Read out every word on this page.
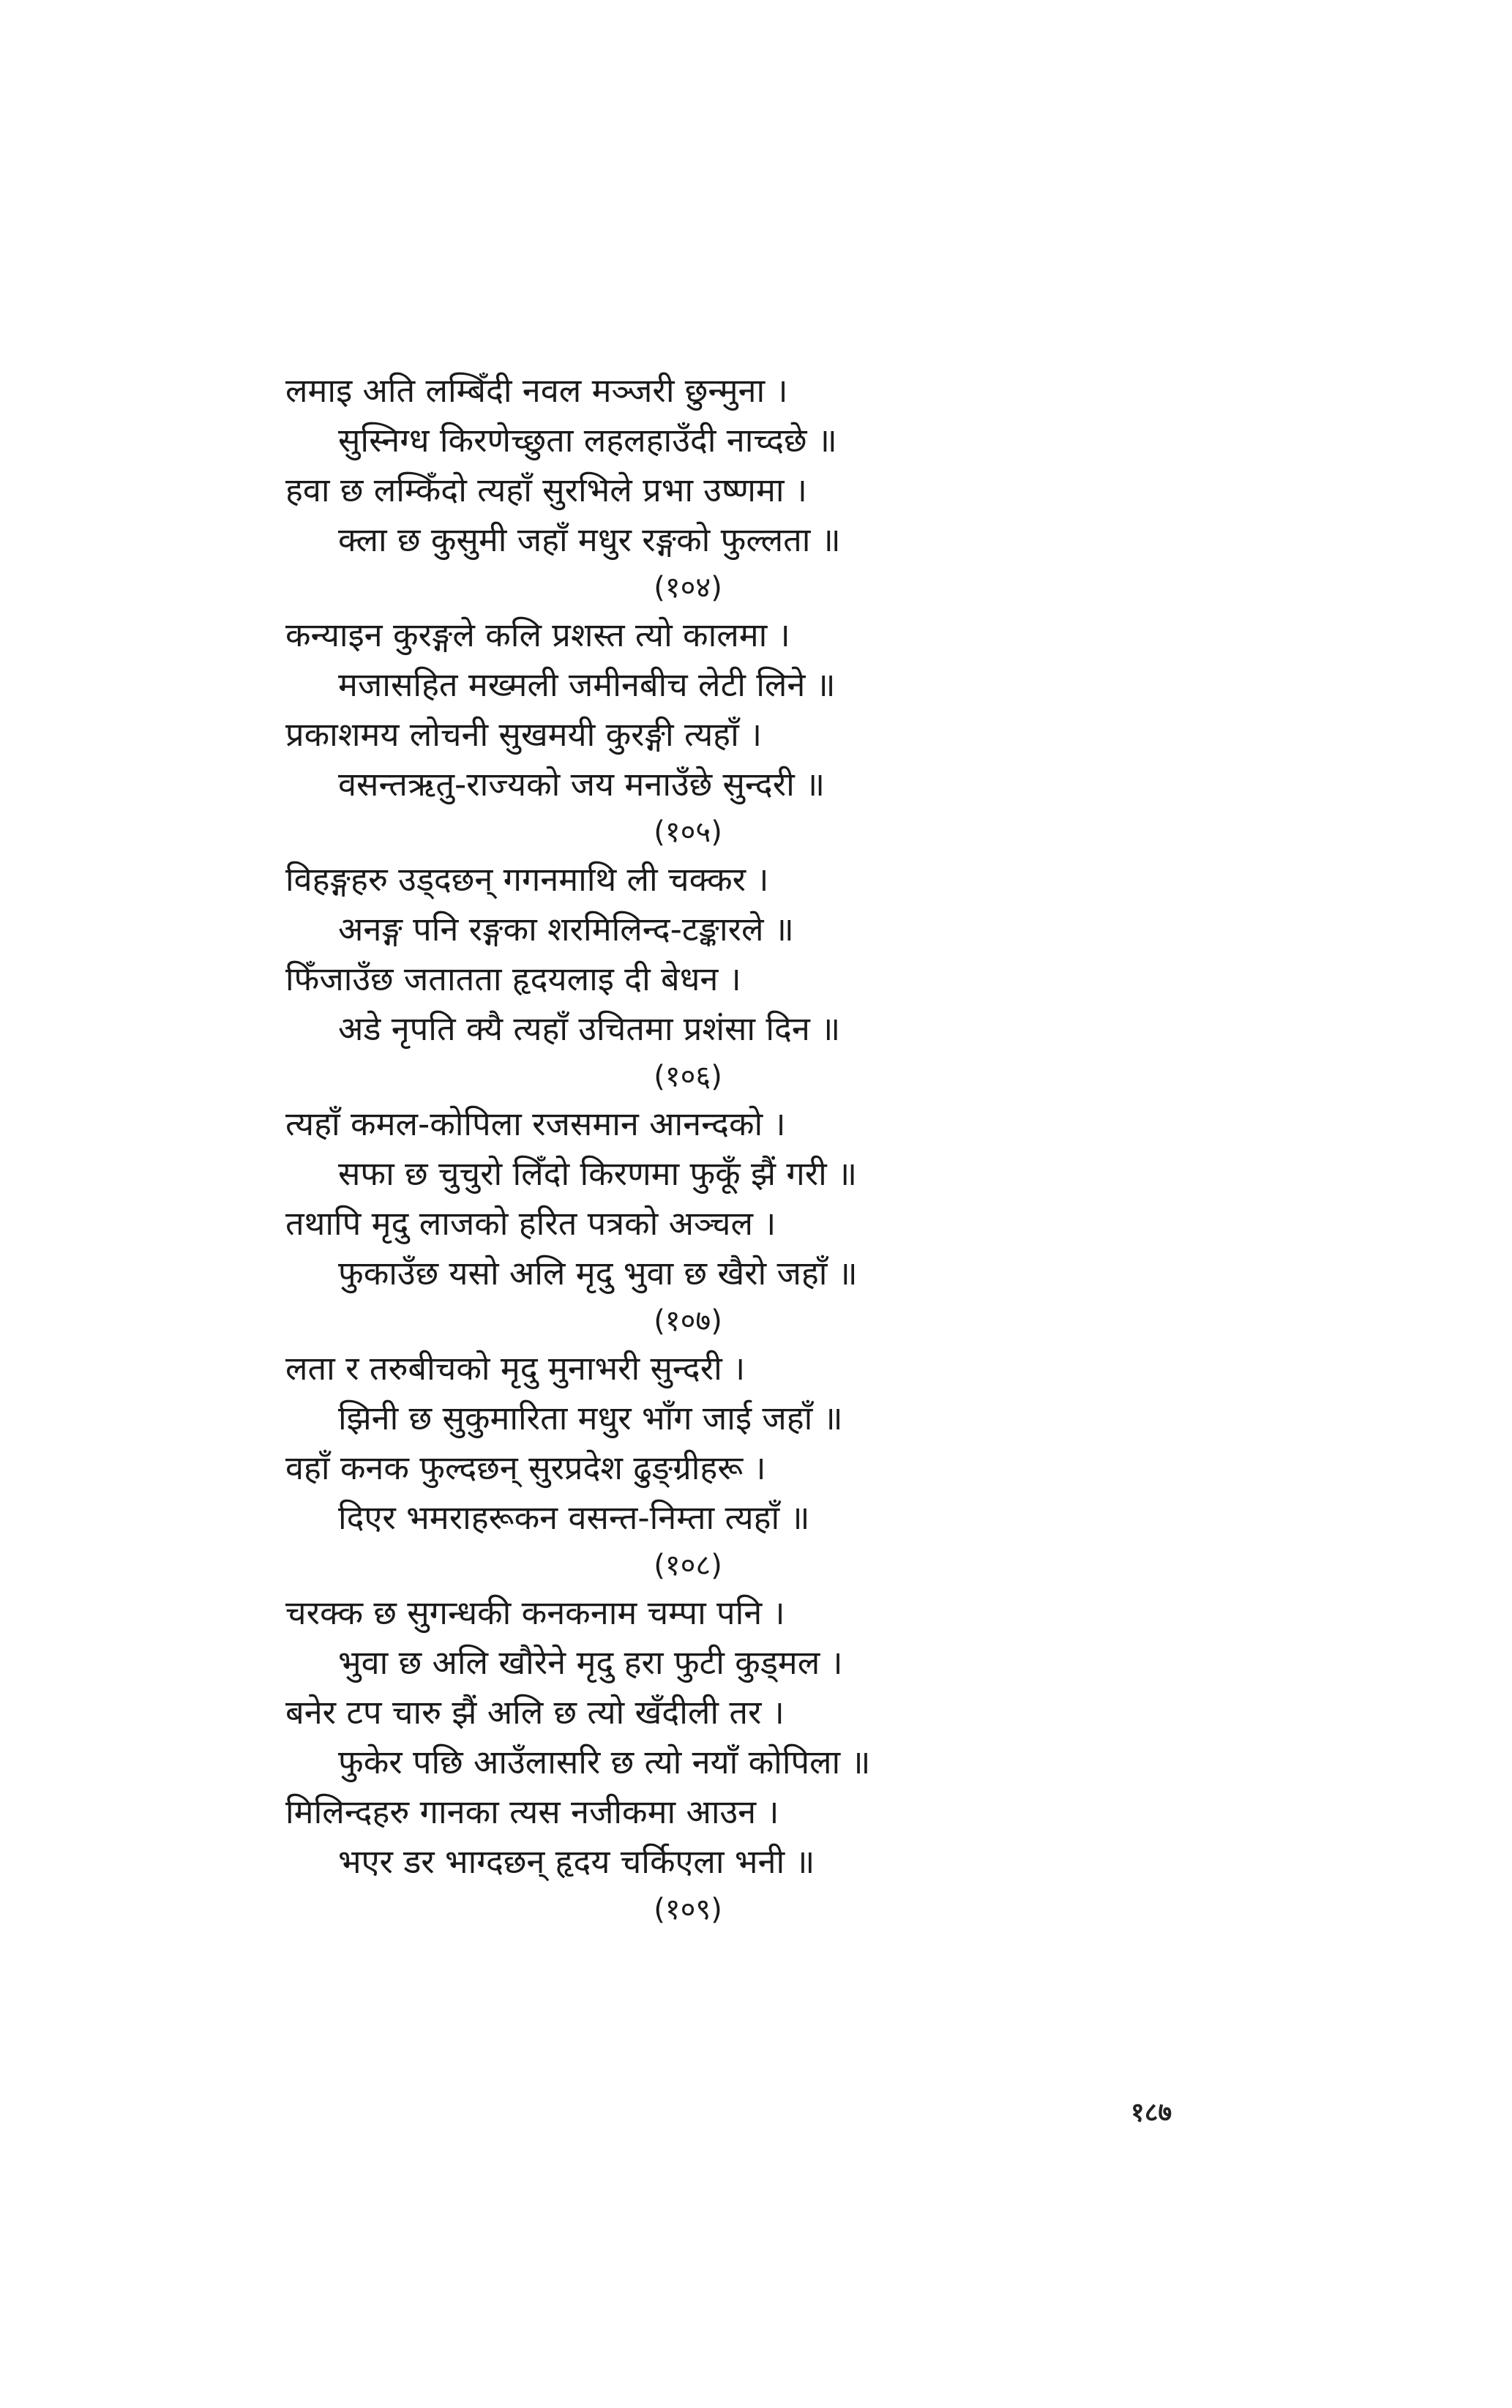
लमाइ अति लम्बिँदी नवल मञ्जरी छुन्मुना ।
सुस्निग्ध किरणेच्छुता लहलहाउँदी नाच्दछे ॥
हवा छ लम्किँदो त्यहाँ सुरभिले प्रभा उष्णमा ।
क्ला छ कुसुमी जहाँ मधुर रङ्गको फुल्लता ॥
(१०४)
कन्याइन कुरङ्गले कलि प्रशस्त त्यो कालमा ।
मजासहित मख्मली जमीनबीच लेटी लिने ॥
प्रकाशमय लोचनी सुखमयी कुरङ्गी त्यहाँ ।
वसन्तऋतु-राज्यको जय मनाउँछे सुन्दरी ॥
(१०५)
विहङ्गहरु उड्दछन् गगनमाथि ली चक्कर ।
अनङ्ग पनि रङ्गका शरमिलिन्द-टङ्कारले ॥
फिँजाउँछ जतातता हृदयलाइ दी बेधन ।
अडे नृपति क्यै त्यहाँ उचितमा प्रशंसा दिन ॥
(१०६)
त्यहाँ कमल-कोपिला रजसमान आनन्दको ।
सफा छ चुचुरो लिँदो किरणमा फुकूँ झैं गरी ॥
तथापि मृदु लाजको हरित पत्रको अञ्चल ।
फुकाउँछ यसो अलि मृदु भुवा छ खैरो जहाँ ॥
(१०७)
लता र तरुबीचको मृदु मुनाभरी सुन्दरी ।
झिनी छ सुकुमारिता मधुर भाँग जाई जहाँ ॥
वहाँ कनक फुल्दछन् सुरप्रदेश ढुङ्ग्रीहरू ।
दिएर भमराहरूकन वसन्त-निम्ता त्यहाँ ॥
(१०८)
चरक्क छ सुगन्धकी कनकनाम चम्पा पनि ।
भुवा छ अलि खौरेने मृदु हरा फुटी कुड्मल ।
बनेर टप चारु झैं अलि छ त्यो खँदीली तर ।
फुकेर पछि आउँलासरि छ त्यो नयाँ कोपिला ॥
मिलिन्दहरु गानका त्यस नजीकमा आउन ।
भएर डर भाग्दछन् हृदय चर्किएला भनी ॥
(१०९)
१८७
